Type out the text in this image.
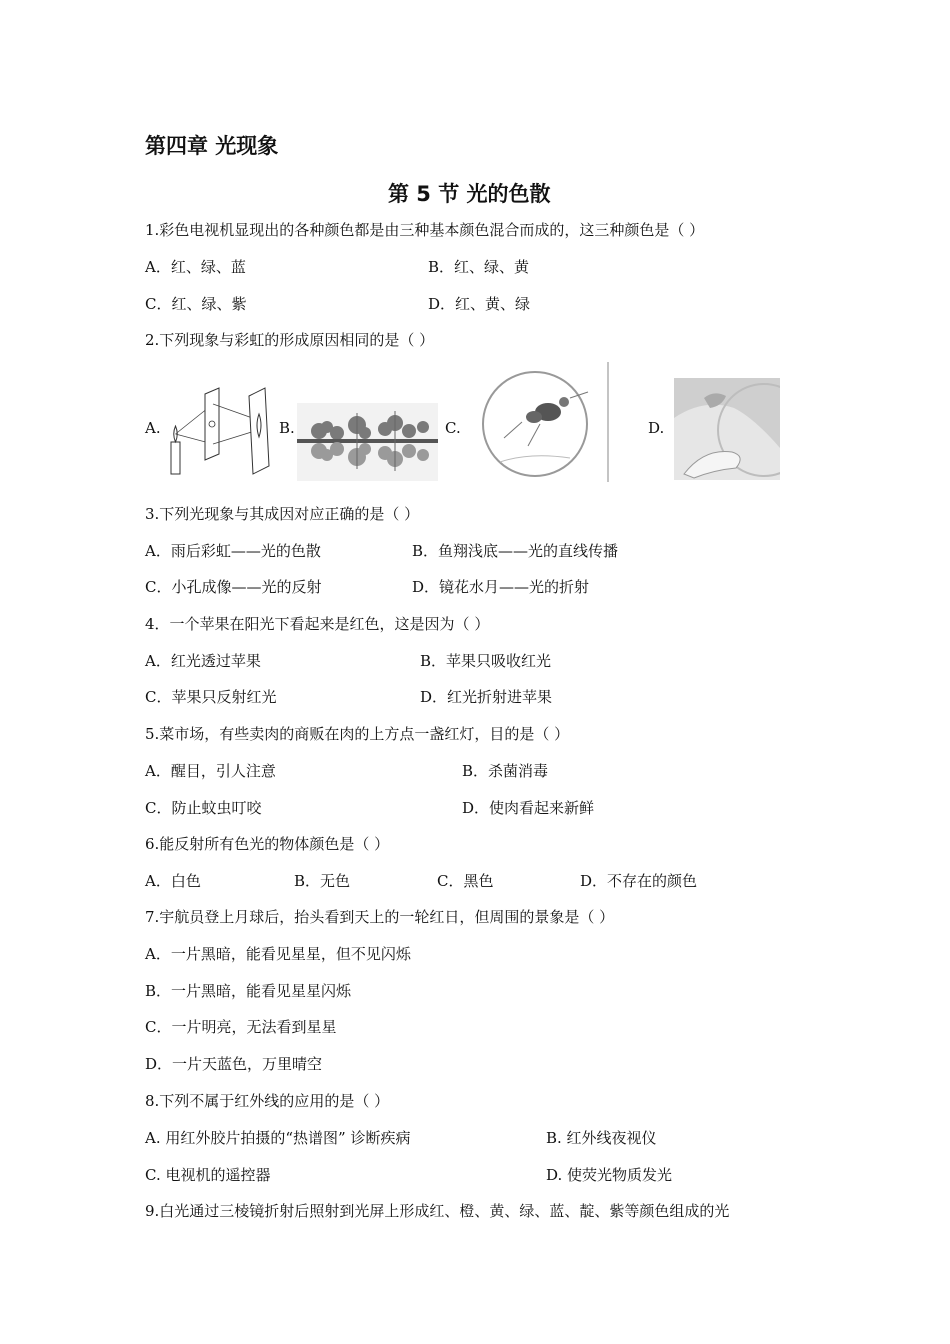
第四章 光现象
第 5 节 光的色散
1.彩色电视机显现出的各种颜色都是由三种基本颜色混合而成的，这三种颜色是（ ）
A．红、绿、蓝	B．红、绿、黄
C．红、绿、紫	D．红、黄、绿
2.下列现象与彩虹的形成原因相同的是（ ）
A.	B.	C.	D.
3.下列光现象与其成因对应正确的是（ ）
A．雨后彩虹——光的色散	B．鱼翔浅底——光的直线传播
C．小孔成像——光的反射	D．镜花水月——光的折射
4．一个苹果在阳光下看起来是红色，这是因为（ ）
A．红光透过苹果	B．苹果只吸收红光
C．苹果只反射红光	D．红光折射进苹果
5.菜市场，有些卖肉的商贩在肉的上方点一盏红灯，目的是（ ）
A．醒目，引人注意	B．杀菌消毒
C．防止蚊虫叮咬	D．使肉看起来新鲜
6.能反射所有色光的物体颜色是（ ）
A．白色	B．无色	C．黑色	D．不存在的颜色
7.宇航员登上月球后，抬头看到天上的一轮红日，但周围的景象是（ ）
A．一片黑暗，能看见星星，但不见闪烁
B．一片黑暗，能看见星星闪烁
C．一片明亮，无法看到星星
D．一片天蓝色，万里晴空
8.下列不属于红外线的应用的是（ ）
A. 用红外胶片拍摄的“热谱图” 诊断疾病	B. 红外线夜视仪
C. 电视机的遥控器	D. 使荧光物质发光
9.白光通过三棱镜折射后照射到光屏上形成红、橙、黄、绿、蓝、靛、紫等颜色组成的光
